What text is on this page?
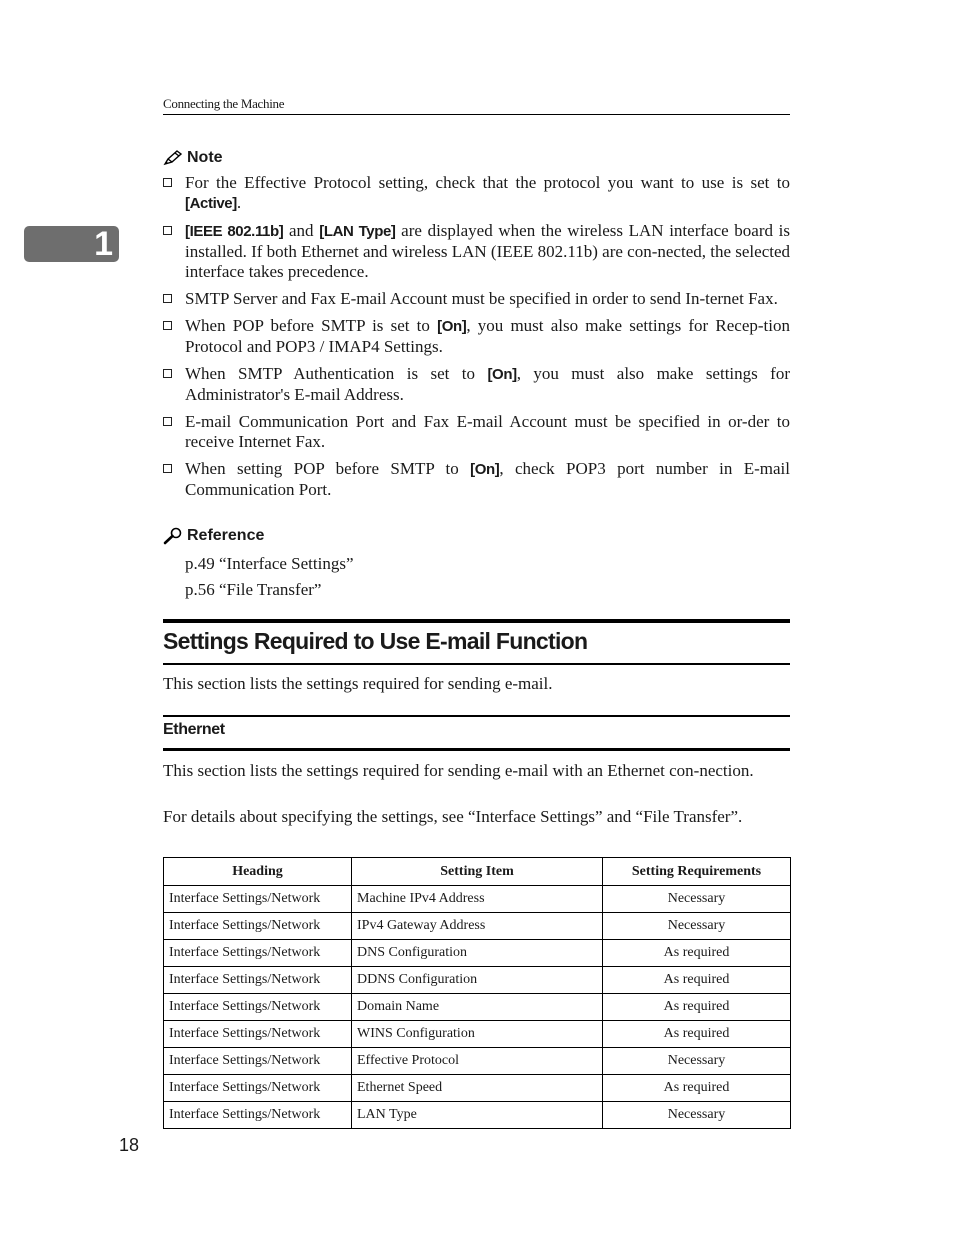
Connecting the Machine
1
Note
For the Effective Protocol setting, check that the protocol you want to use is set to [Active].
[IEEE 802.11b] and [LAN Type] are displayed when the wireless LAN interface board is installed. If both Ethernet and wireless LAN (IEEE 802.11b) are con-nected, the selected interface takes precedence.
SMTP Server and Fax E-mail Account must be specified in order to send In-ternet Fax.
When POP before SMTP is set to [On], you must also make settings for Recep-tion Protocol and POP3 / IMAP4 Settings.
When SMTP Authentication is set to [On], you must also make settings for Administrator's E-mail Address.
E-mail Communication Port and Fax E-mail Account must be specified in or-der to receive Internet Fax.
When setting POP before SMTP to [On], check POP3 port number in E-mail Communication Port.
Reference
p.49 “Interface Settings”
p.56 “File Transfer”
Settings Required to Use E-mail Function
This section lists the settings required for sending e-mail.
Ethernet
This section lists the settings required for sending e-mail with an Ethernet con-nection.
For details about specifying the settings, see “Interface Settings” and “File Transfer”.
Heading	Setting Item	Setting Requirements
Interface Settings/Network	Machine IPv4 Address	Necessary
Interface Settings/Network	IPv4 Gateway Address	Necessary
Interface Settings/Network	DNS Configuration	As required
Interface Settings/Network	DDNS Configuration	As required
Interface Settings/Network	Domain Name	As required
Interface Settings/Network	WINS Configuration	As required
Interface Settings/Network	Effective Protocol	Necessary
Interface Settings/Network	Ethernet Speed	As required
Interface Settings/Network	LAN Type	Necessary
18
